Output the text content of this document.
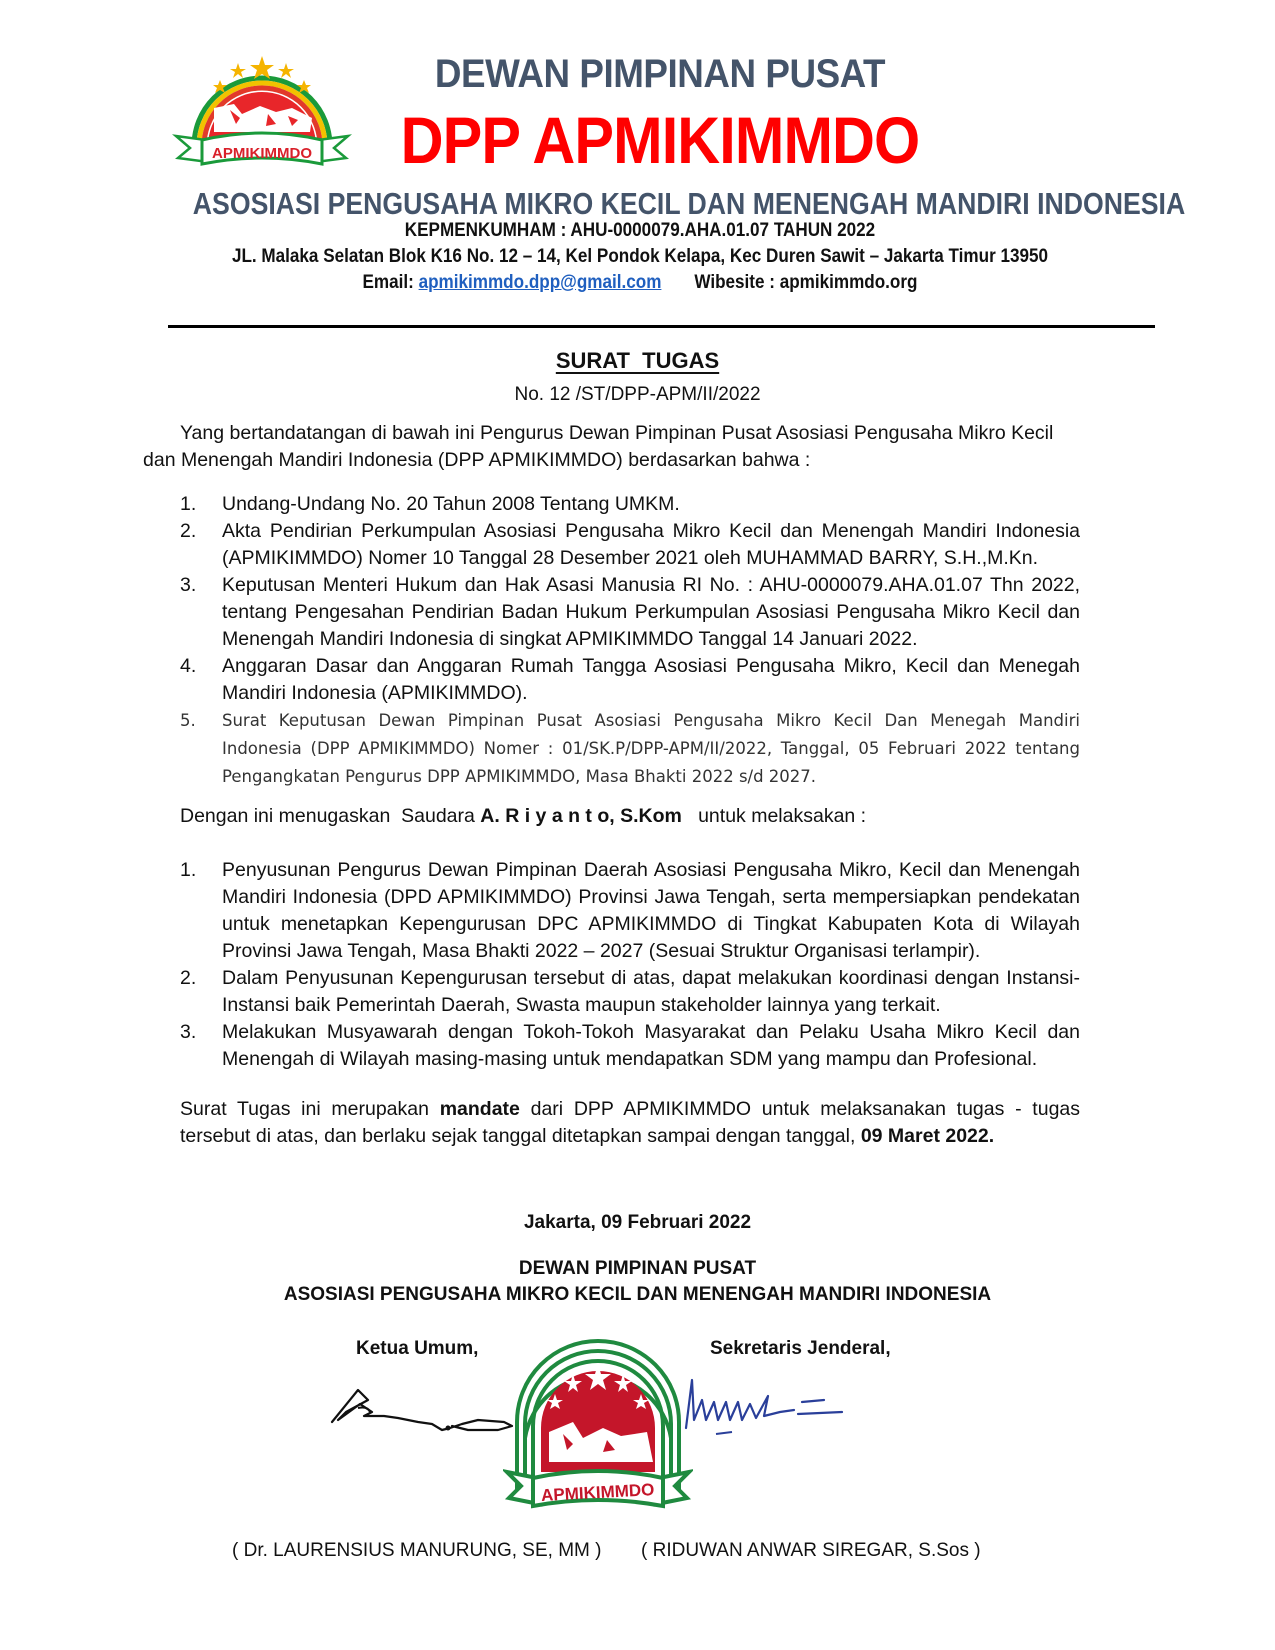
APMIKIMMDO
DEWAN PIMPINAN PUSAT
DPP APMIKIMMDO
ASOSIASI PENGUSAHA MIKRO KECIL DAN MENENGAH MANDIRI INDONESIA
KEPMENKUMHAM : AHU-0000079.AHA.01.07 TAHUN 2022
JL. Malaka Selatan Blok K16 No. 12 – 14, Kel Pondok Kelapa, Kec Duren Sawit – Jakarta Timur 13950
Email: apmikimmdo.dpp@gmail.com Wibesite : apmikimmdo.org
SURAT  TUGAS
No. 12 /ST/DPP-APM/II/2022
Yang bertandatangan di bawah ini Pengurus Dewan Pimpinan Pusat Asosiasi Pengusaha Mikro Kecil
dan Menengah Mandiri Indonesia (DPP APMIKIMMDO) berdasarkan bahwa :
1.	Undang-Undang No. 20 Tahun 2008 Tentang UMKM.
2.	Akta Pendirian Perkumpulan Asosiasi Pengusaha Mikro Kecil dan Menengah Mandiri Indonesia (APMIKIMMDO) Nomer 10 Tanggal 28 Desember 2021 oleh MUHAMMAD BARRY, S.H.,M.Kn.
3.	Keputusan Menteri Hukum dan Hak Asasi Manusia RI No. : AHU-0000079.AHA.01.07 Thn 2022, tentang Pengesahan Pendirian Badan Hukum Perkumpulan Asosiasi Pengusaha Mikro Kecil dan Menengah Mandiri Indonesia di singkat APMIKIMMDO Tanggal 14 Januari 2022.
4.	Anggaran Dasar dan Anggaran Rumah Tangga Asosiasi Pengusaha Mikro, Kecil dan Menegah Mandiri Indonesia (APMIKIMMDO).
5.	Surat Keputusan Dewan Pimpinan Pusat Asosiasi Pengusaha Mikro Kecil Dan Menegah Mandiri Indonesia (DPP APMIKIMMDO) Nomer : 01/SK.P/DPP-APM/II/2022, Tanggal, 05 Februari 2022 tentang Pengangkatan Pengurus DPP APMIKIMMDO, Masa Bhakti 2022 s/d 2027.
Dengan ini menugaskan  Saudara A. R i y a n t o, S.Kom   untuk melaksakan :
1.	Penyusunan Pengurus Dewan Pimpinan Daerah Asosiasi Pengusaha Mikro, Kecil dan Menengah Mandiri Indonesia (DPD APMIKIMMDO) Provinsi Jawa Tengah, serta mempersiapkan pendekatan untuk menetapkan Kepengurusan DPC APMIKIMMDO di Tingkat Kabupaten Kota di Wilayah Provinsi Jawa Tengah, Masa Bhakti 2022 – 2027 (Sesuai Struktur Organisasi terlampir).
2.	Dalam Penyusunan Kepengurusan tersebut di atas, dapat melakukan koordinasi dengan Instansi-Instansi baik Pemerintah Daerah, Swasta maupun stakeholder lainnya yang terkait.
3.	Melakukan Musyawarah dengan Tokoh-Tokoh Masyarakat dan Pelaku Usaha Mikro Kecil dan Menengah di Wilayah masing-masing untuk mendapatkan SDM yang mampu dan Profesional.
Surat Tugas ini merupakan mandate dari DPP APMIKIMMDO untuk melaksanakan tugas - tugas tersebut di atas, dan berlaku sejak tanggal ditetapkan sampai dengan tanggal, 09 Maret 2022.
Jakarta, 09 Februari 2022
DEWAN PIMPINAN PUSAT
ASOSIASI PENGUSAHA MIKRO KECIL DAN MENENGAH MANDIRI INDONESIA
Ketua Umum,	Sekretaris Jenderal,
APMIKIMMDO
( Dr. LAURENSIUS MANURUNG, SE, MM ) ( RIDUWAN ANWAR SIREGAR, S.Sos )
